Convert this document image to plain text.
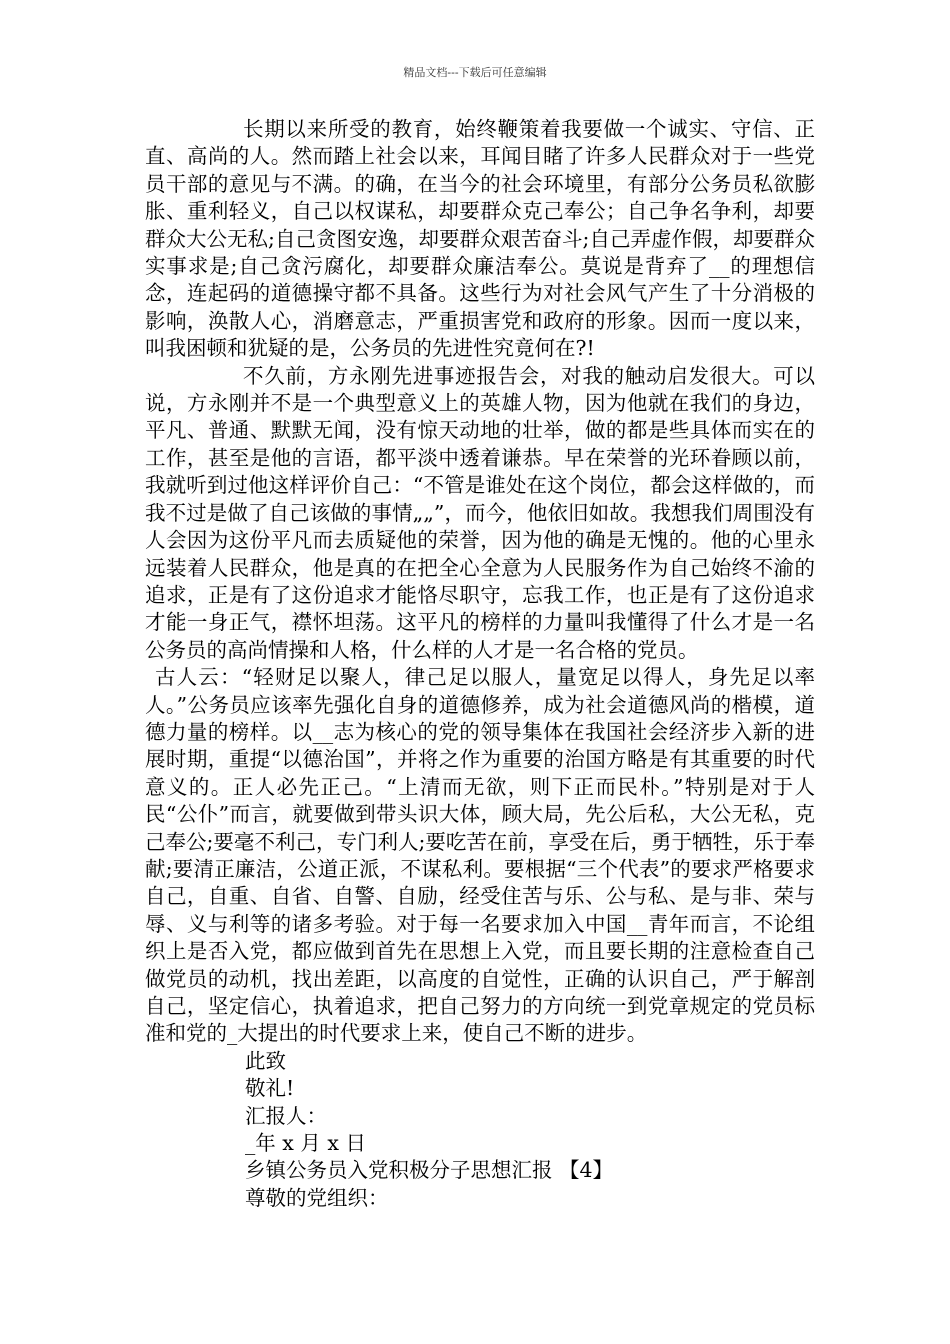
精品文档---下载后可任意编辑

长期以来所受的教育，始终鞭策着我要做一个诚实、守信、正直、高尚的人。然而踏上社会以来，耳闻目睹了许多人民群众对于一些党员干部的意见与不满。的确，在当今的社会环境里，有部分公务员私欲膨胀、重利轻义，自己以权谋私，却要群众克己奉公；自己争名争利，却要群众大公无私;自己贪图安逸，却要群众艰苦奋斗;自己弄虚作假，却要群众实事求是;自己贪污腐化，却要群众廉洁奉公。莫说是背弃了__的理想信念，连起码的道德操守都不具备。这些行为对社会风气产生了十分消极的影响，涣散人心，消磨意志，严重损害党和政府的形象。因而一度以来，叫我困顿和犹疑的是，公务员的先进性究竟何在?!

不久前，方永刚先进事迹报告会，对我的触动启发很大。可以说，方永刚并不是一个典型意义上的英雄人物，因为他就在我们的身边，平凡、普通、默默无闻，没有惊天动地的壮举，做的都是些具体而实在的工作，甚至是他的言语，都平淡中透着谦恭。早在荣誉的光环眷顾以前，我就听到过他这样评价自己：“不管是谁处在这个岗位，都会这样做的，而我不过是做了自己该做的事情„„”，而今，他依旧如故。我想我们周围没有人会因为这份平凡而去质疑他的荣誉，因为他的确是无愧的。他的心里永远装着人民群众，他是真的在把全心全意为人民服务作为自己始终不渝的追求，正是有了这份追求才能恪尽职守，忘我工作，也正是有了这份追求才能一身正气，襟怀坦荡。这平凡的榜样的力量叫我懂得了什么才是一名公务员的高尚情操和人格，什么样的人才是一名合格的党员。

古人云：“轻财足以聚人，律己足以服人，量宽足以得人，身先足以率人。”公务员应该率先强化自身的道德修养，成为社会道德风尚的楷模，道德力量的榜样。以__志为核心的党的领导集体在我国社会经济步入新的进展时期，重提“以德治国”，并将之作为重要的治国方略是有其重要的时代意义的。正人必先正己。“上清而无欲，则下正而民朴。”特别是对于人民“公仆”而言，就要做到带头识大体，顾大局，先公后私，大公无私，克己奉公;要毫不利己，专门利人;要吃苦在前，享受在后，勇于牺牲，乐于奉献;要清正廉洁，公道正派，不谋私利。要根据“三个代表”的要求严格要求自己，自重、自省、自警、自励，经受住苦与乐、公与私、是与非、荣与辱、义与利等的诸多考验。对于每一名要求加入中国__青年而言，不论组织上是否入党，都应做到首先在思想上入党，而且要长期的注意检查自己做党员的动机，找出差距，以高度的自觉性，正确的认识自己，严于解剖自己，坚定信心，执着追求，把自己努力的方向统一到党章规定的党员标准和党的_大提出的时代要求上来，使自己不断的进步。

此致

敬礼!

汇报人：

_年 x 月 x 日

乡镇公务员入党积极分子思想汇报 【4】

尊敬的党组织：
